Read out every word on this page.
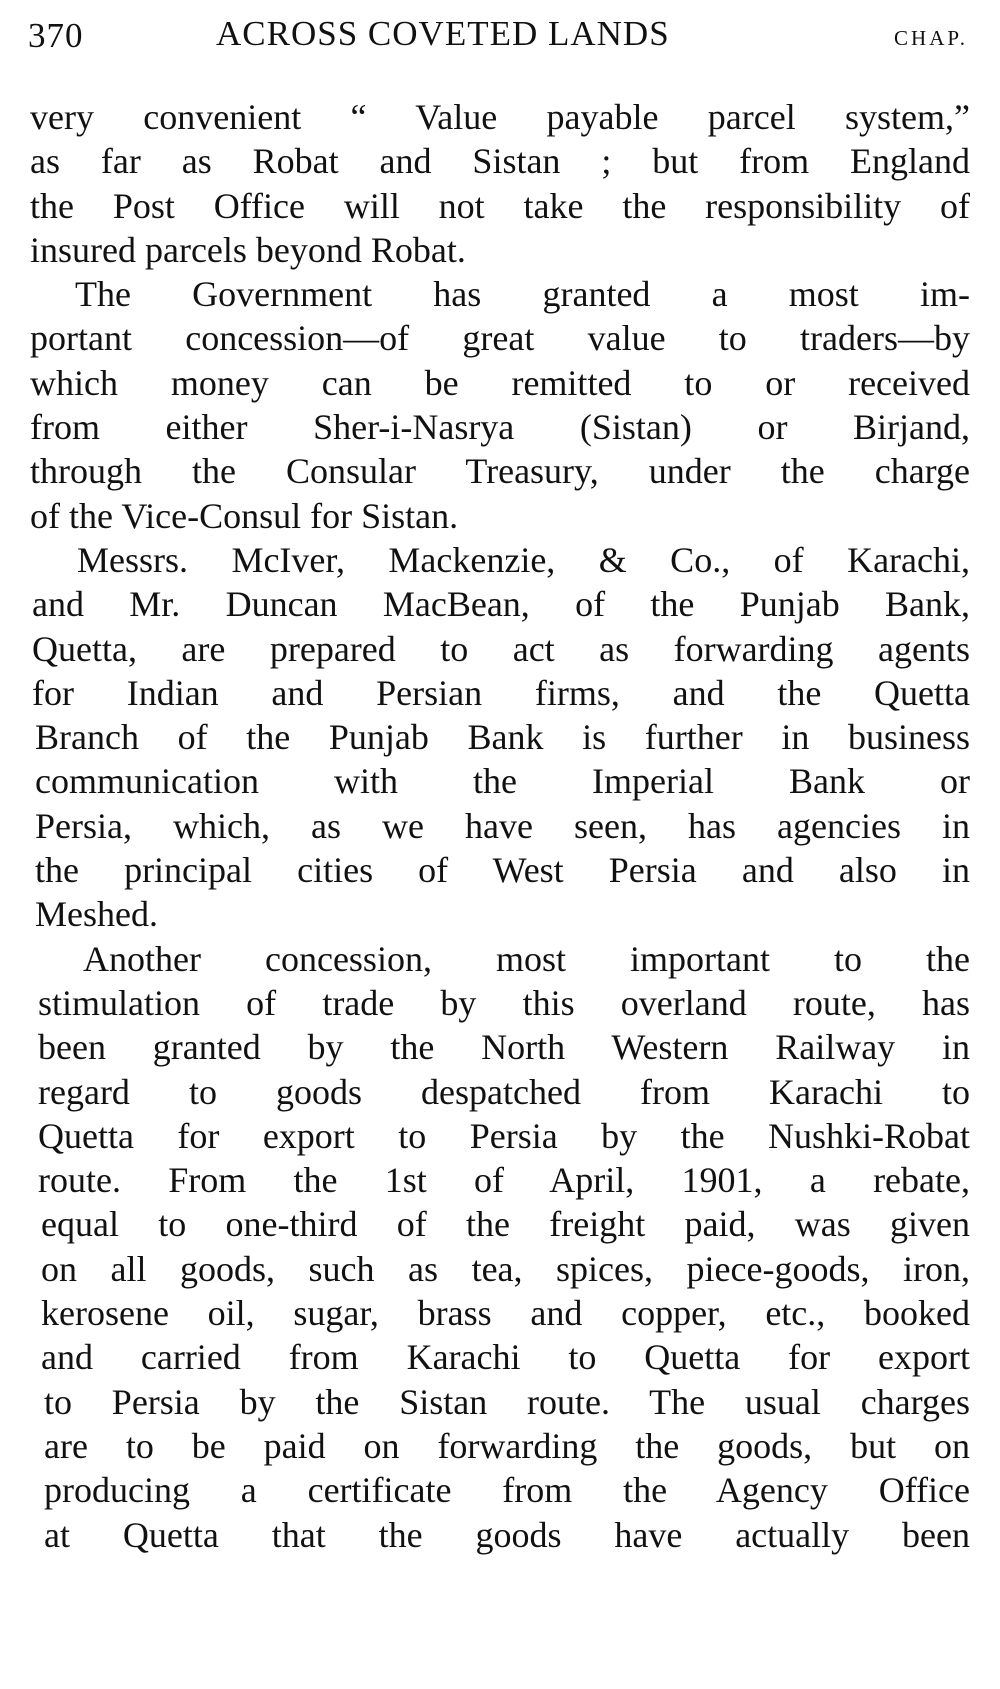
370	ACROSS COVETED LANDS	CHAP.
very convenient “ Value payable parcel system,”
as far as Robat and Sistan ; but from England
the Post Office will not take the responsibility of
insured parcels beyond Robat.
The Government has granted a most im-
portant concession—of great value to traders—by
which money can be remitted to or received
from either Sher-i-Nasrya (Sistan) or Birjand,
through the Consular Treasury, under the charge
of the Vice-Consul for Sistan.
Messrs. McIver, Mackenzie, & Co., of Karachi,
and Mr. Duncan MacBean, of the Punjab Bank,
Quetta, are prepared to act as forwarding agents
for Indian and Persian firms, and the Quetta
Branch of the Punjab Bank is further in business
communication with the Imperial Bank or
Persia, which, as we have seen, has agencies in
the principal cities of West Persia and also in
Meshed.
Another concession, most important to the
stimulation of trade by this overland route, has
been granted by the North Western Railway in
regard to goods despatched from Karachi to
Quetta for export to Persia by the Nushki-Robat
route. From the 1st of April, 1901, a rebate,
equal to one-third of the freight paid, was given
on all goods, such as tea, spices, piece-goods, iron,
kerosene oil, sugar, brass and copper, etc., booked
and carried from Karachi to Quetta for export
to Persia by the Sistan route. The usual charges
are to be paid on forwarding the goods, but on
producing a certificate from the Agency Office
at Quetta that the goods have actually been
